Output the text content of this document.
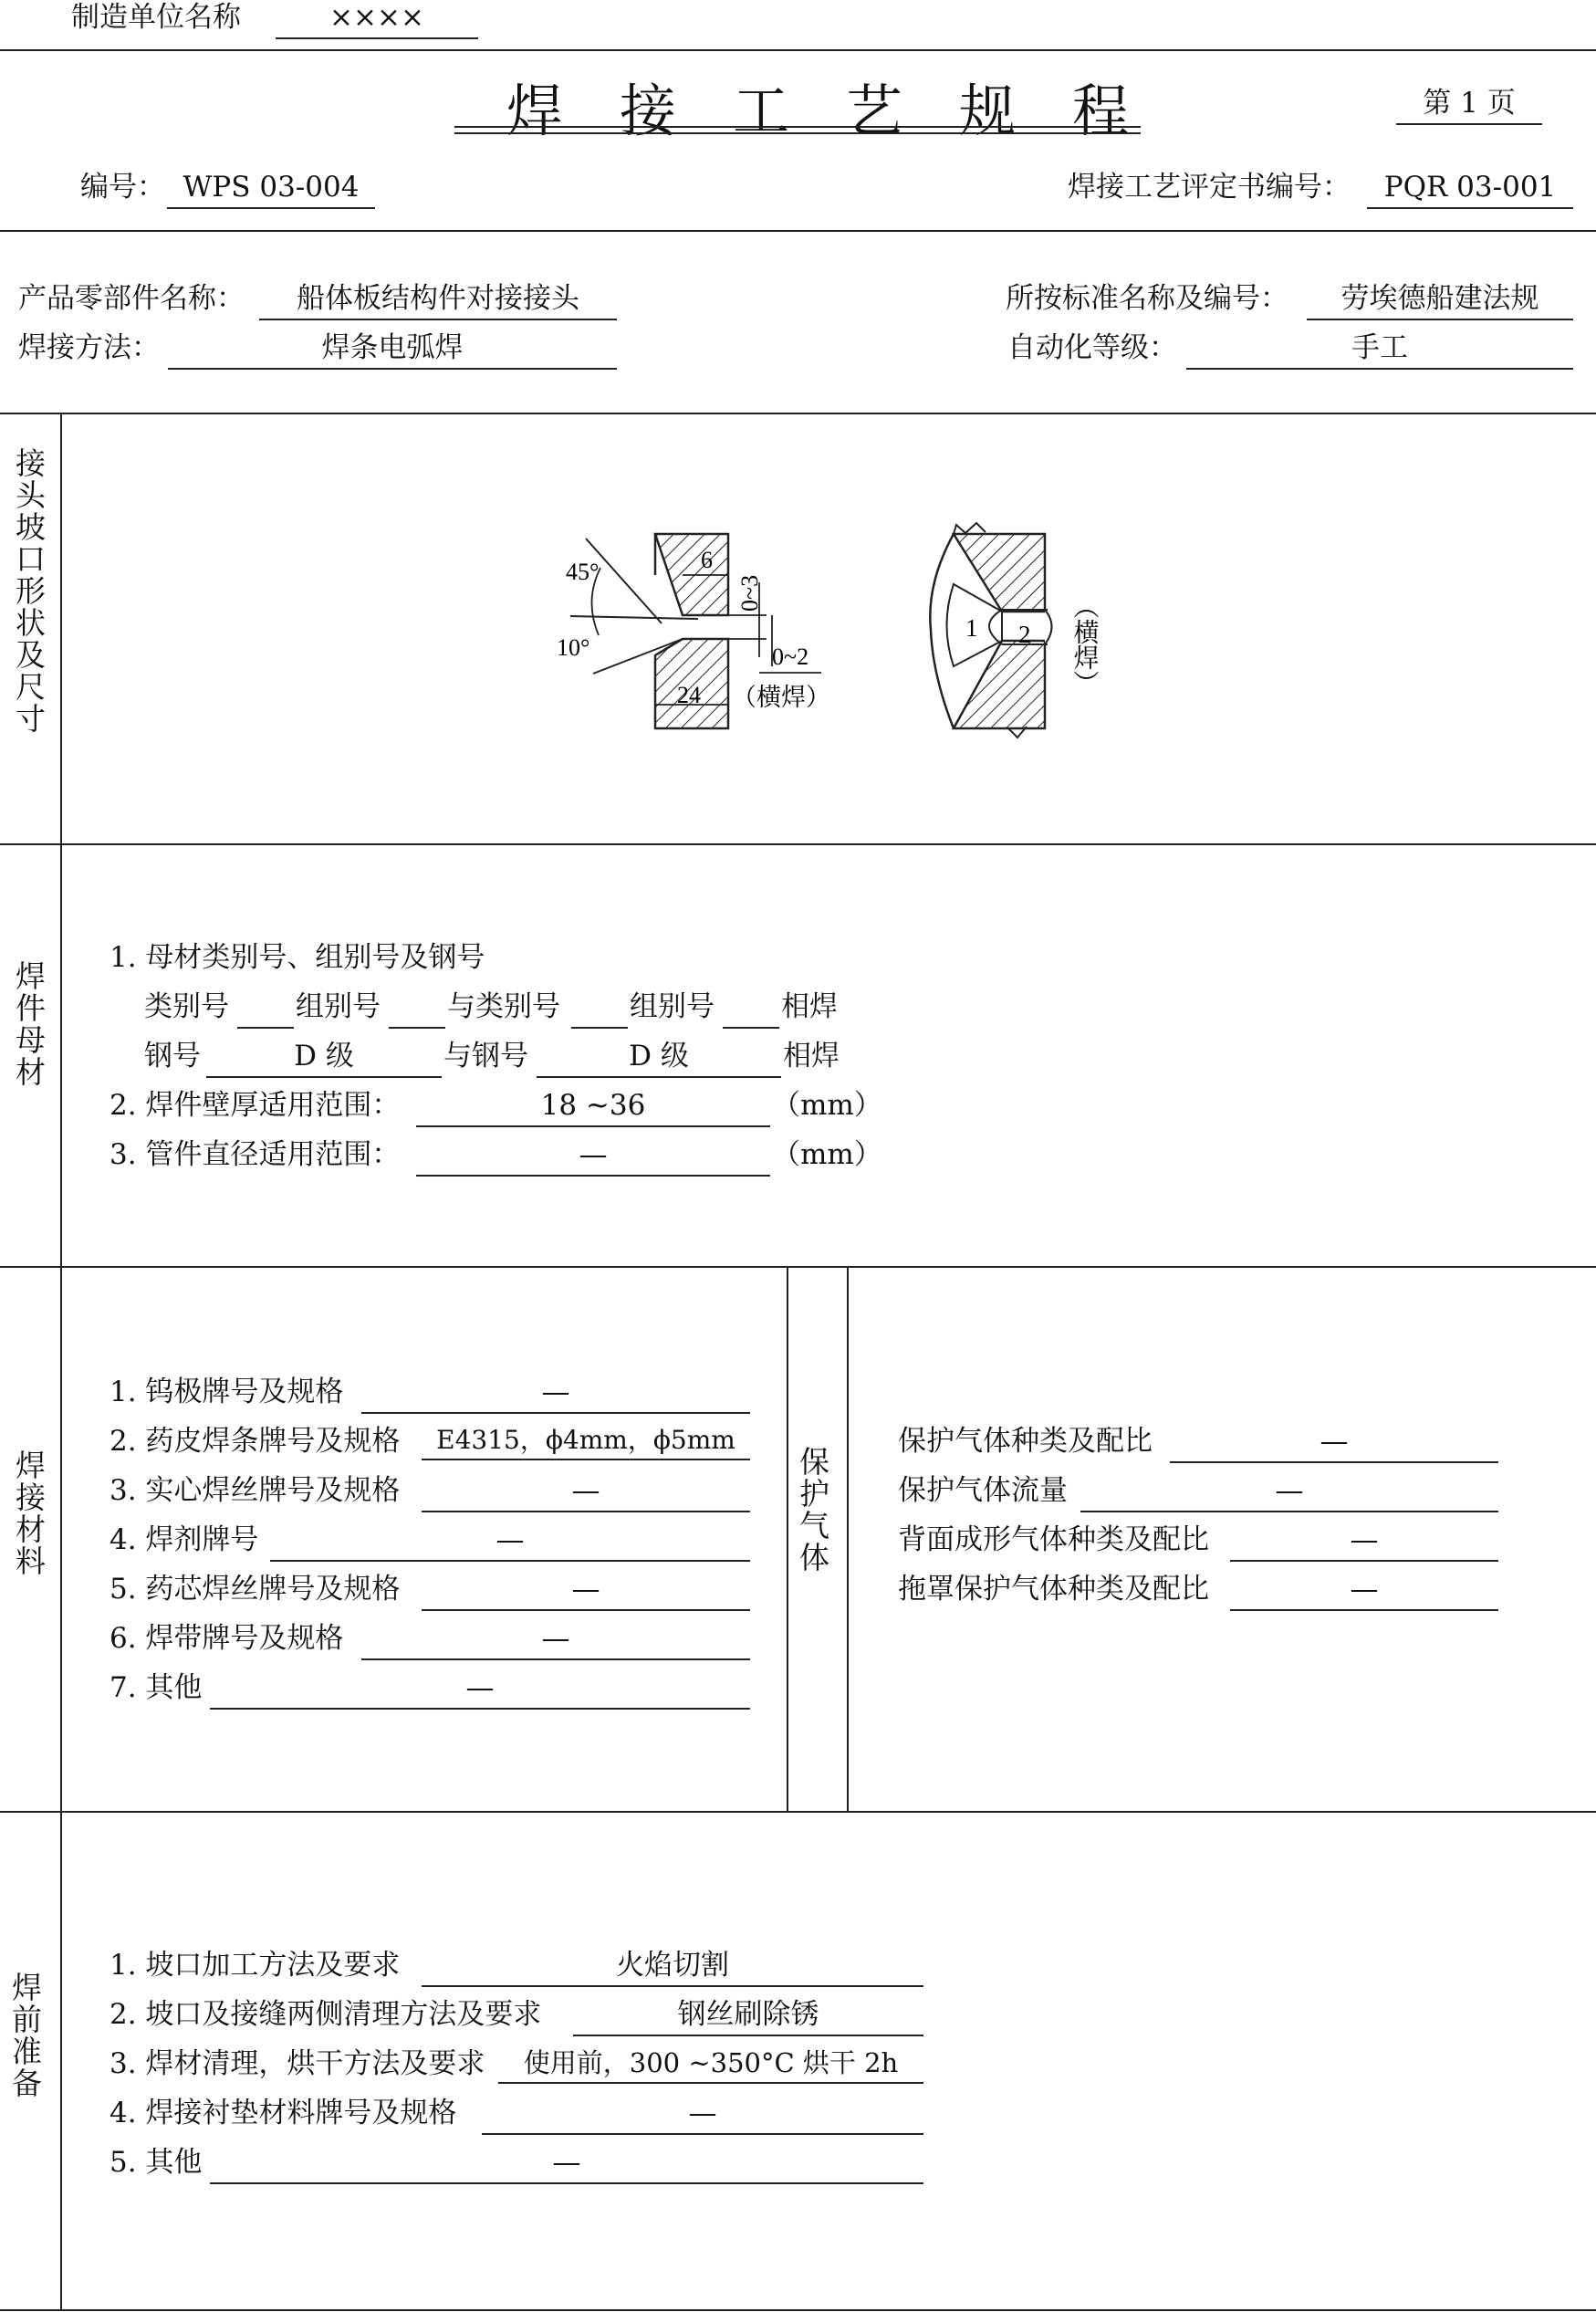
制造单位名称	××××
焊接工艺规程	第 1 页
编号： WPS 03-004	焊接工艺评定书编号：	PQR 03-001
产品零部件名称：	船体板结构件对接接头
焊接方法：	焊条电弧焊
所按标准名称及编号：	劳埃德船建法规
自动化等级：	手工
接头坡口形状及尺寸	45°
10°
6
0~3
0~2
24 （横焊）
1 2 （横焊）
焊件母材
1. 母材类别号、组别号及钢号
类别号 组别号 与类别号 组别号 相焊
钢号	D 级	与钢号	D 级	相焊
2. 焊件壁厚适用范围：	18 ~36	（mm）
3. 管件直径适用范围：	—	（mm）
焊接材料
1. 钨极牌号及规格	—
2. 药皮焊条牌号及规格	E4315，ϕ4mm，ϕ5mm
3. 实心焊丝牌号及规格	—
4. 焊剂牌号	—
5. 药芯焊丝牌号及规格	—
6. 焊带牌号及规格	—
7. 其他	—
保护气体
保护气体种类及配比	—
保护气体流量	—
背面成形气体种类及配比	—
拖罩保护气体种类及配比	—
焊前准备
1. 坡口加工方法及要求	火焰切割
2. 坡口及接缝两侧清理方法及要求	钢丝刷除锈
3. 焊材清理，烘干方法及要求	使用前，300 ~350°C 烘干 2h
4. 焊接衬垫材料牌号及规格	—
5. 其他	—
